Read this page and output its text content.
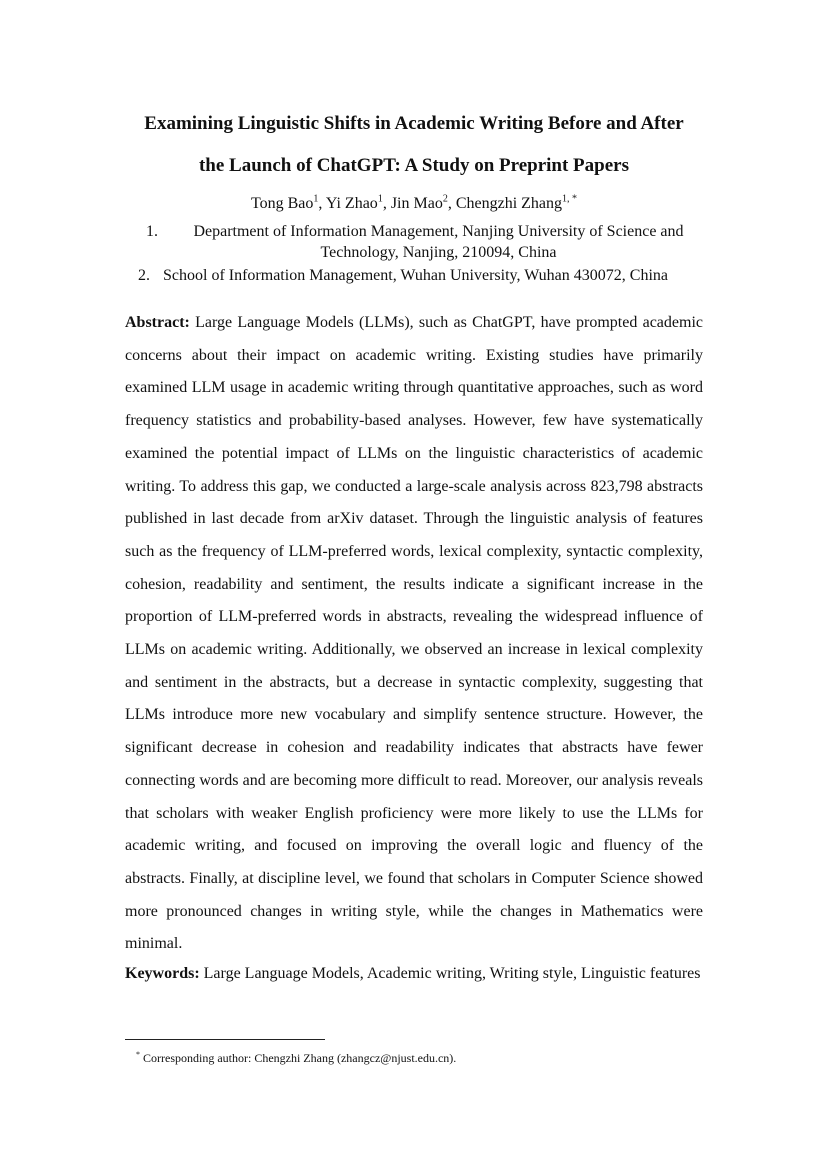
Examining Linguistic Shifts in Academic Writing Before and After
the Launch of ChatGPT: A Study on Preprint Papers
Tong Bao$^1$, Yi Zhao$^1$, Jin Mao$^2$, Chengzhi Zhang$^{1, *}$
1.	Department of Information Management, Nanjing University of Science and Technology, Nanjing, 210094, China
2. School of Information Management, Wuhan University, Wuhan 430072, China

Abstract: Large Language Models (LLMs), such as ChatGPT, have prompted academic concerns about their impact on academic writing. Existing studies have primarily examined LLM usage in academic writing through quantitative approaches, such as word frequency statistics and probability-based analyses. However, few have systematically examined the potential impact of LLMs on the linguistic characteristics of academic writing. To address this gap, we conducted a large-scale analysis across 823,798 abstracts published in last decade from arXiv dataset. Through the linguistic analysis of features such as the frequency of LLM-preferred words, lexical complexity, syntactic complexity, cohesion, readability and sentiment, the results indicate a significant increase in the proportion of LLM-preferred words in abstracts, revealing the widespread influence of LLMs on academic writing. Additionally, we observed an increase in lexical complexity and sentiment in the abstracts, but a decrease in syntactic complexity, suggesting that LLMs introduce more new vocabulary and simplify sentence structure. However, the significant decrease in cohesion and readability indicates that abstracts have fewer connecting words and are becoming more difficult to read. Moreover, our analysis reveals that scholars with weaker English proficiency were more likely to use the LLMs for academic writing, and focused on improving the overall logic and fluency of the abstracts. Finally, at discipline level, we found that scholars in Computer Science showed more pronounced changes in writing style, while the changes in Mathematics were minimal.

Keywords: Large Language Models, Academic writing, Writing style, Linguistic features

* Corresponding author: Chengzhi Zhang (zhangcz@njust.edu.cn).
